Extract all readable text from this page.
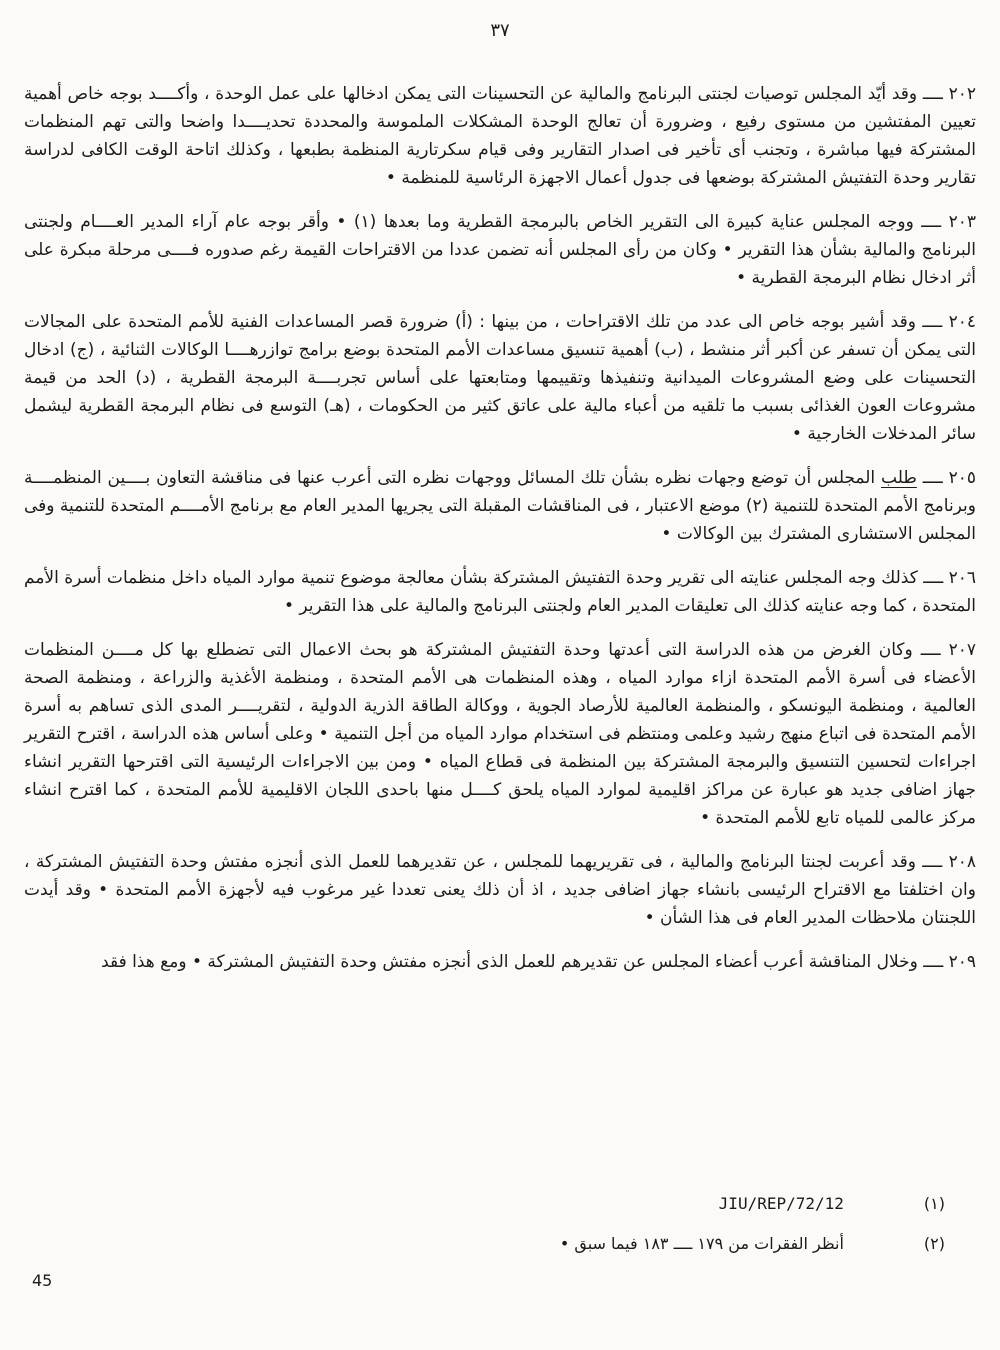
٣٧

٢٠٢ ــــ وقد أيّد المجلس توصيات لجنتى البرنامج والمالية عن التحسينات التى يمكن ادخالها على عمل الوحدة ، وأكــــد بوجه خاص أهمية تعيين المفتشين من مستوى رفيع ، وضرورة أن تعالج الوحدة المشكلات الملموسة والمحددة تحديــــدا واضحا والتى تهم المنظمات المشتركة فيها مباشرة ، وتجنب أى تأخير فى اصدار التقارير وفى قيام سكرتارية المنظمة بطبعها ، وكذلك اتاحة الوقت الكافى لدراسة تقارير وحدة التفتيش المشتركة بوضعها فى جدول أعمال الاجهزة الرئاسية للمنظمة •

٢٠٣ ــــ ووجه المجلس عناية كبيرة الى التقرير الخاص بالبرمجة القطرية وما بعدها (١) • وأقر بوجه عام آراء المدير العــــام ولجنتى البرنامج والمالية بشأن هذا التقرير • وكان من رأى المجلس أنه تضمن عددا من الاقتراحات القيمة رغم صدوره فــــى مرحلة مبكرة على أثر ادخال نظام البرمجة القطرية •

٢٠٤ ــــ وقد أشير بوجه خاص الى عدد من تلك الاقتراحات ، من بينها : (أ) ضرورة قصر المساعدات الفنية للأمم المتحدة على المجالات التى يمكن أن تسفر عن أكبر أثر منشط ، (ب) أهمية تنسيق مساعدات الأمم المتحدة بوضع برامج توازرهــــا الوكالات الثنائية ، (ج) ادخال التحسينات على وضع المشروعات الميدانية وتنفيذها وتقييمها ومتابعتها على أساس تجربــــة البرمجة القطرية ، (د) الحد من قيمة مشروعات العون الغذائى بسبب ما تلقيه من أعباء مالية على عاتق كثير من الحكومات ، (هـ) التوسع فى نظام البرمجة القطرية ليشمل سائر المدخلات الخارجية •

٢٠٥ ــــ طلب المجلس أن توضع وجهات نظره بشأن تلك المسائل ووجهات نظره التى أعرب عنها فى مناقشة التعاون بــــين المنظمــــة وبرنامج الأمم المتحدة للتنمية (٢) موضع الاعتبار ، فى المناقشات المقبلة التى يجريها المدير العام مع برنامج الأمــــم المتحدة للتنمية وفى المجلس الاستشارى المشترك بين الوكالات •

٢٠٦ ــــ كذلك وجه المجلس عنايته الى تقرير وحدة التفتيش المشتركة بشأن معالجة موضوع تنمية موارد المياه داخل منظمات أسرة الأمم المتحدة ، كما وجه عنايته كذلك الى تعليقات المدير العام ولجنتى البرنامج والمالية على هذا التقرير •

٢٠٧ ــــ وكان الغرض من هذه الدراسة التى أعدتها وحدة التفتيش المشتركة هو بحث الاعمال التى تضطلع بها كل مــــن المنظمات الأعضاء فى أسرة الأمم المتحدة ازاء موارد المياه ، وهذه المنظمات هى الأمم المتحدة ، ومنظمة الأغذية والزراعة ، ومنظمة الصحة العالمية ، ومنظمة اليونسكو ، والمنظمة العالمية للأرصاد الجوية ، ووكالة الطاقة الذرية الدولية ، لتقريــــر المدى الذى تساهم به أسرة الأمم المتحدة فى اتباع منهج رشيد وعلمى ومنتظم فى استخدام موارد المياه من أجل التنمية • وعلى أساس هذه الدراسة ، اقترح التقرير اجراءات لتحسين التنسيق والبرمجة المشتركة بين المنظمة فى قطاع المياه • ومن بين الاجراءات الرئيسية التى اقترحها التقرير انشاء جهاز اضافى جديد هو عبارة عن مراكز اقليمية لموارد المياه يلحق كــــل منها باحدى اللجان الاقليمية للأمم المتحدة ، كما اقترح انشاء مركز عالمى للمياه تابع للأمم المتحدة •

٢٠٨ ــــ وقد أعربت لجنتا البرنامج والمالية ، فى تقريريهما للمجلس ، عن تقديرهما للعمل الذى أنجزه مفتش وحدة التفتيش المشتركة ، وان اختلفتا مع الاقتراح الرئيسى بانشاء جهاز اضافى جديد ، اذ أن ذلك يعنى تعددا غير مرغوب فيه لأجهزة الأمم المتحدة • وقد أيدت اللجنتان ملاحظات المدير العام فى هذا الشأن •

٢٠٩ ــــ وخلال المناقشة أعرب أعضاء المجلس عن تقديرهم للعمل الذى أنجزه مفتش وحدة التفتيش المشتركة • ومع هذا فقد

(١)
JIU/REP/72/12
(٢)
أنظر الفقرات من ١٧٩ ــــ ١٨٣ فيما سبق •
45
